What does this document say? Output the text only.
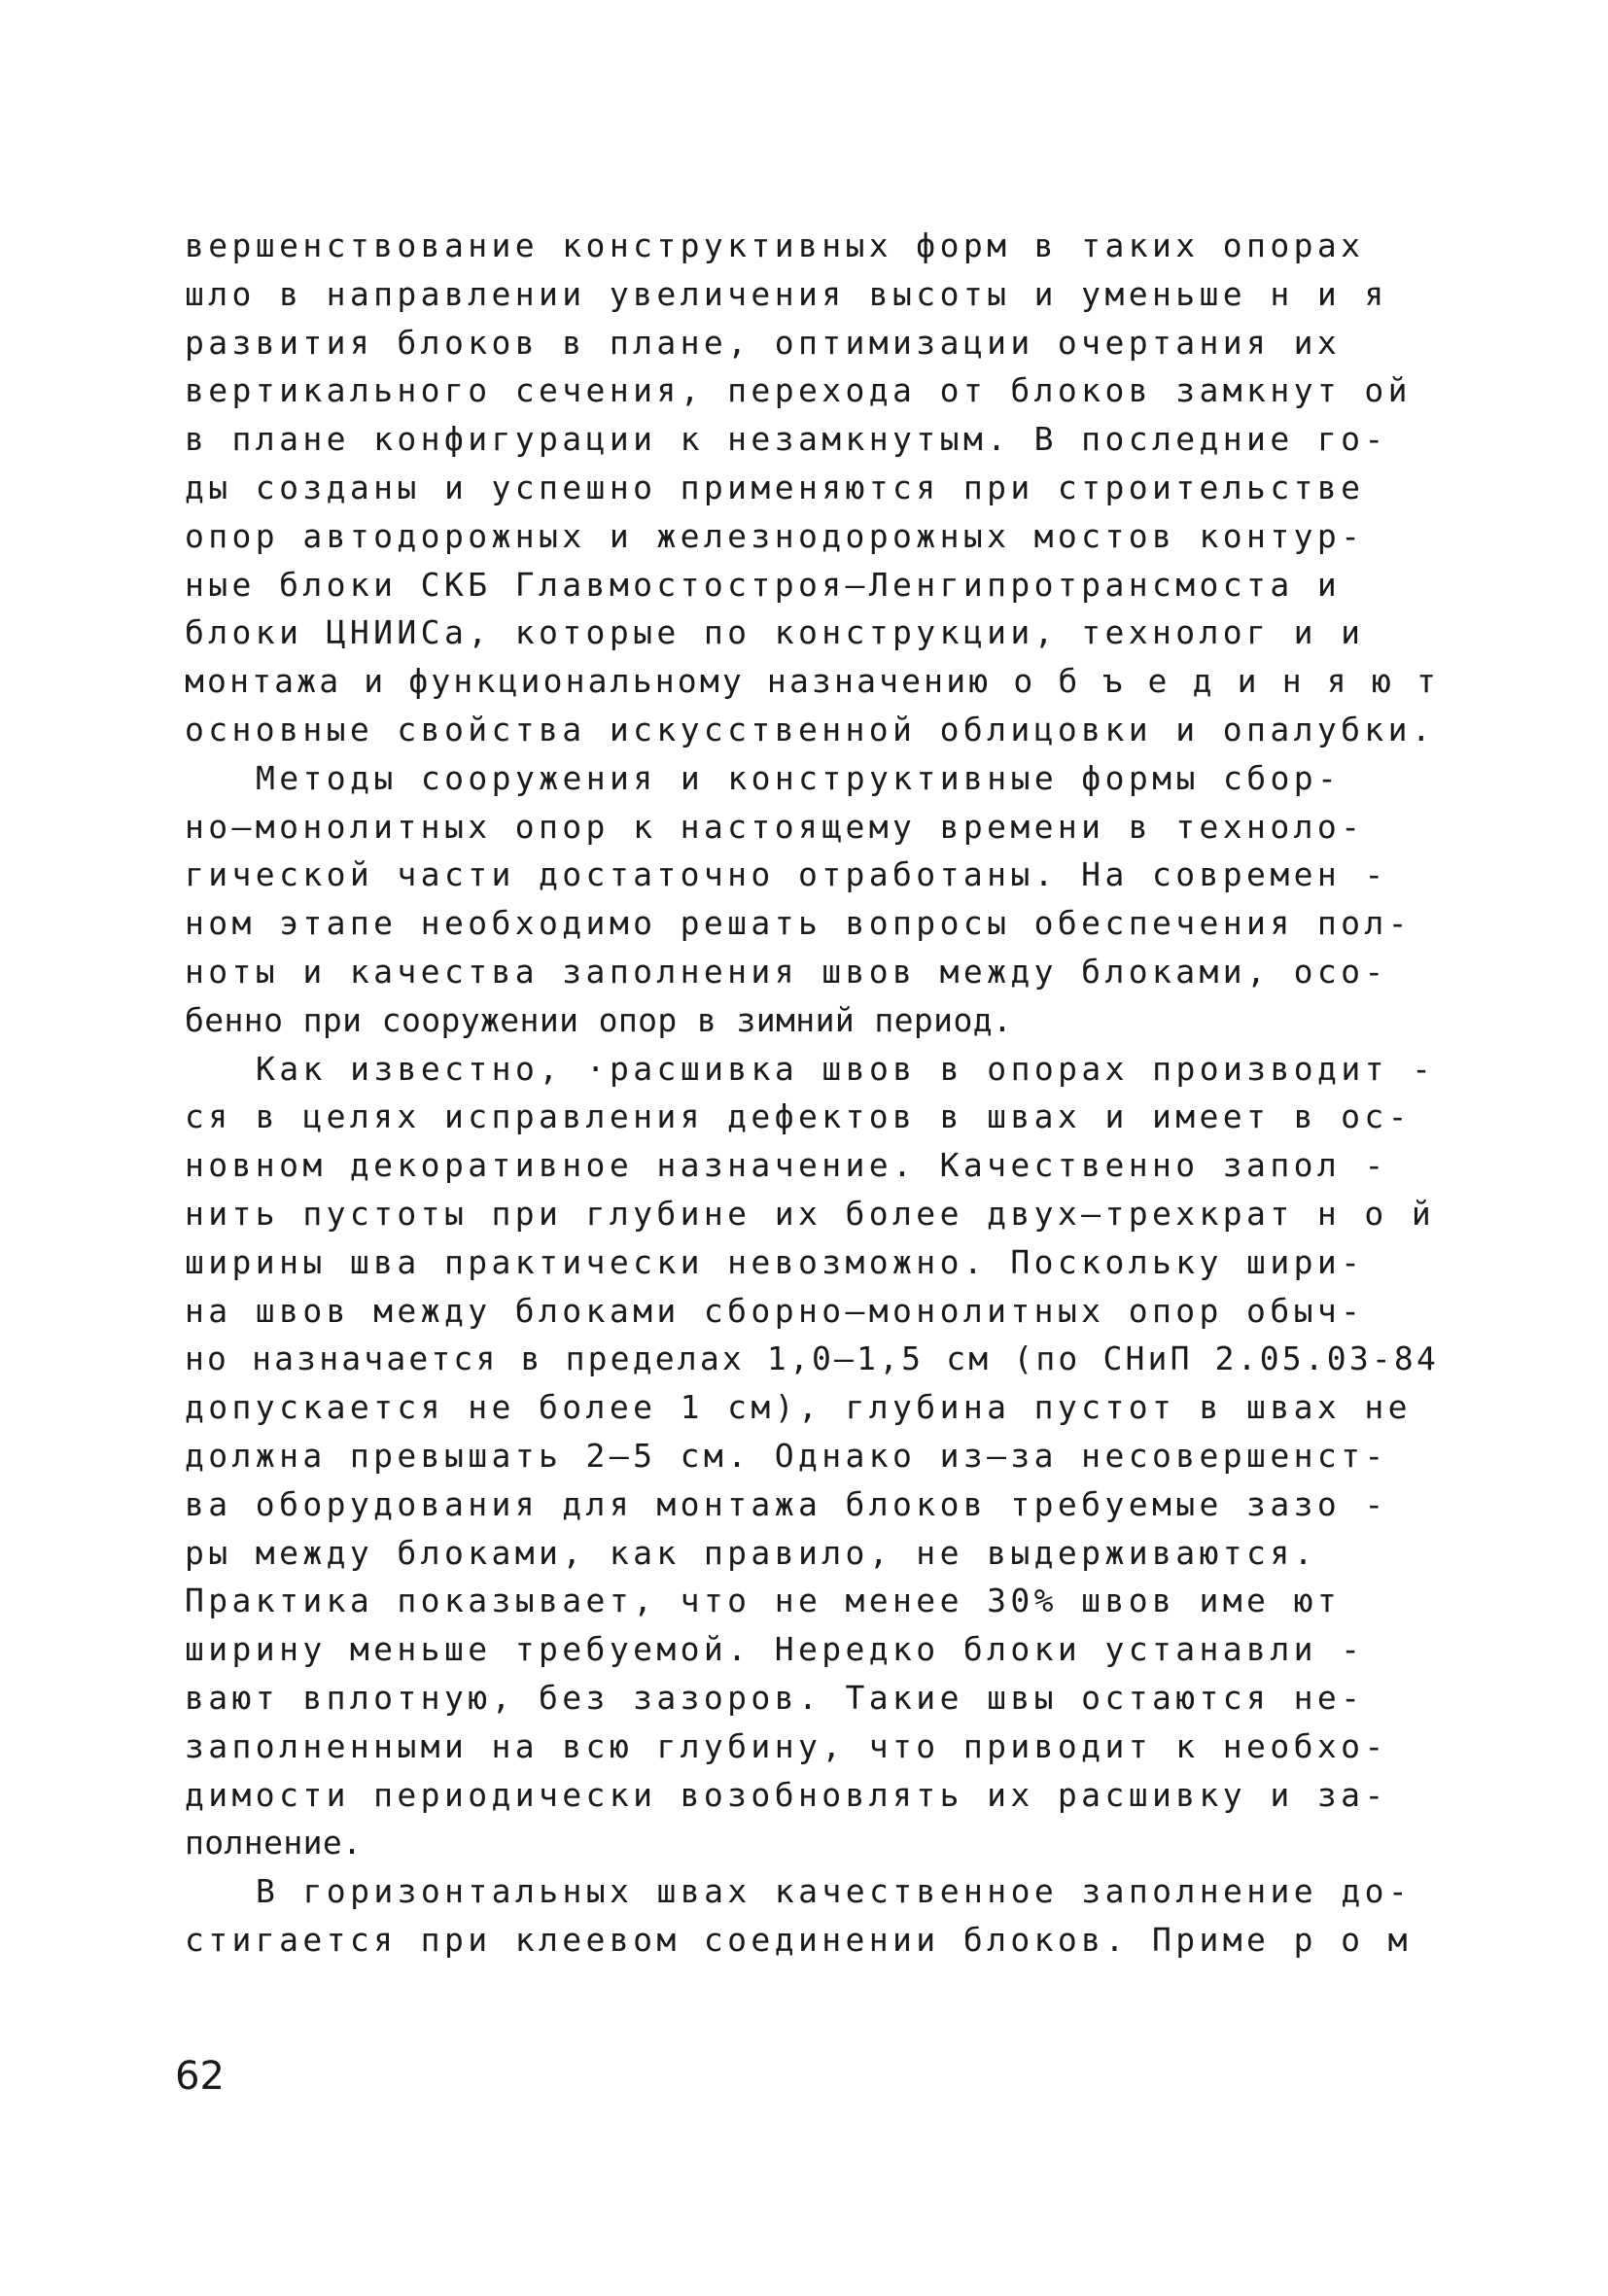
вершенствование конструктивных форм в таких опорах
шло в направлении увеличения высоты и уменьше н и я
развития блоков в плане, оптимизации очертания их
вертикального сечения, перехода от блоков замкнут ой
в плане конфигурации к незамкнутым. В последние го-
ды созданы и успешно применяются при строительстве
опор автодорожных и железнодорожных мостов контур-
ные блоки СКБ Главмостостроя–Ленгипротрансмоста и
блоки ЦНИИСа, которые по конструкции, технолог и и
монтажа и функциональному назначению о б ъ е д и н я ю т
основные свойства искусственной облицовки и опалубки.
Методы сооружения и конструктивные формы сбор-
но–монолитных опор к настоящему времени в техноло-
гической части достаточно отработаны. На современ -
ном этапе необходимо решать вопросы обеспечения пол-
ноты и качества заполнения швов между блоками, осо-
бенно при сооружении опор в зимний период.
Как известно, ·расшивка швов в опорах производит -
ся в целях исправления дефектов в швах и имеет в ос-
новном декоративное назначение. Качественно запол -
нить пустоты при глубине их более двух–трехкрат н о й
ширины шва практически невозможно. Поскольку шири-
на швов между блоками сборно–монолитных опор обыч-
но назначается в пределах 1,0–1,5 см (по СНиП 2.05.03-84
допускается не более 1 см), глубина пустот в швах не
должна превышать 2–5 см. Однако из–за несовершенст-
ва оборудования для монтажа блоков требуемые зазо -
ры между блоками, как правило, не выдерживаются.
Практика показывает, что не менее 30% швов име ют
ширину меньше требуемой. Нередко блоки устанавли -
вают вплотную, без зазоров. Такие швы остаются не-
заполненными на всю глубину, что приводит к необхо-
димости периодически возобновлять их расшивку и за-
полнение.
В горизонтальных швах качественное заполнение до-
стигается при клеевом соединении блоков. Приме р о м
62
